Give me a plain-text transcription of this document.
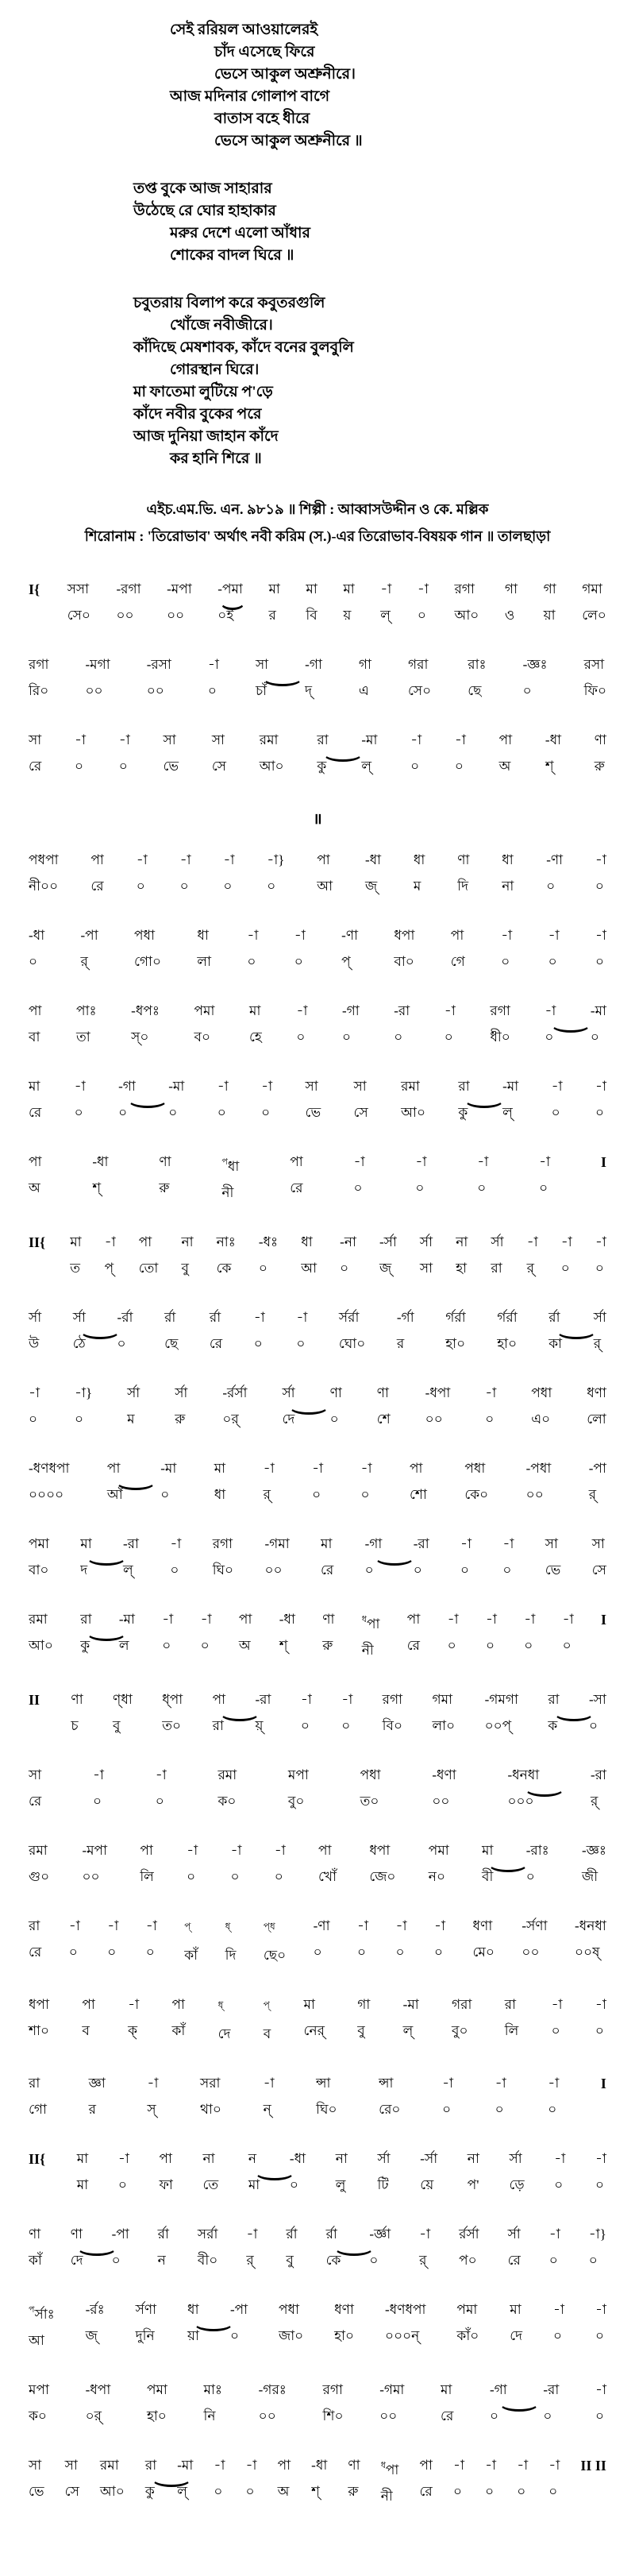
সেই ররিয়ল আওয়ালেরই
চাঁদ এসেছে ফিরে
ভেসে আকুল অশ্রুনীরে।
আজ মদিনার গোলাপ বাগে
বাতাস বহে ধীরে
ভেসে আকুল অশ্রুনীরে ॥
তপ্ত বুকে আজ সাহারার
উঠেছে রে ঘোর হাহাকার
মরুর দেশে এলো আঁধার
শোকের বাদল ঘিরে ॥
চবুতরায় বিলাপ করে কবুতরগুলি
খোঁজে নবীজীরে।
কাঁদিছে মেষশাবক, কাঁদে বনের বুলবুলি
গোরস্থান ঘিরে।
মা ফাতেমা লুটিয়ে প'ড়ে
কাঁদে নবীর বুকের পরে
আজ দুনিয়া জাহান কাঁদে
কর হানি শিরে ॥
এইচ.এম.ভি. এন. ৯৮১৯ ॥ শিল্পী : আব্বাসউদ্দীন ও কে. মল্লিক
শিরোনাম : 'তিরোভাব' অর্থাৎ নবী করিম (স.)-এর তিরোভাব-বিষয়ক গান ॥ তালছাড়া
I{ সসা
সে০
-রগা
০০
-মপা
০০
-পমা
০ই
মা
র
মা
বি
মা
য়
-া
ল্
-া
০
রগা
আ০
গা
ও
গা
য়া
গমা
লে০
রগা
রি০
-মগা
০০
-রসা
০০
-া
০
সা
চাঁ
-গা
দ্
গা
এ
গরা
সে০
রাঃ
ছে
-জ্ঞঃ
০
রসা
ফি০
সা
রে
-া
০
-া
০
সা
ভে
সা
সে
রমা
আ০
রা
কু
-মা
ল্
-া
০
-া
০
পা
অ
-ধা
শ্
ণা
রু
॥
পধপা
নী০০
পা
রে
-া
০
-া
০
-া
০
-া}
০
পা
আ
-ধা
জ্
ধা
ম
ণা
দি
ধা
না
-ণা
০
-া
০
-ধা
০
-পা
র্
পধা
গো০
ধা
লা
-া
০
-া
০
-ণা
প্
ধপা
বা০
পা
গে
-া
০
-া
০
-া
০
পা
বা
পাঃ
তা
-ধপঃ
স্০
পমা
ব০
মা
হে
-া
০
-গা
০
-রা
০
-া
০
রগা
ধী০
-া
০
-মা
০
মা
রে
-া
০
-গা
০
-মা
০
-া
০
-া
০
সা
ভে
সা
সে
রমা
আ০
রা
কু
-মা
ল্
-া
০
-া
০
পা
অ
-ধা
শ্
ণা
রু
$^প$ধা
নী
পা
রে
-া
০
-া
০
-া
০
-া
০
I
II{ মা
ত
-া
প্
পা
তো
না
বু
নাঃ
কে
-ধঃ
০
ধা
আ
-না
০
-র্সা
জ্
র্সা
সা
না
হা
র্সা
রা
-া
র্
-া
০
-া
০
র্সা
উ
র্সা
ঠে
-র্রা
০
র্রা
ছে
র্রা
রে
-া
০
-া
০
র্সর্রা
ঘো০
-র্গা
র
র্গর্রা
হা০
র্গর্রা
হা০
র্রা
কা
র্সা
র্
-া
০
-া}
০
র্সা
ম
র্সা
রু
-র্রর্সা
০র্
র্সা
দে
ণা
০
ণা
শে
-ধপা
০০
-া
০
পধা
এ০
ধণা
লো
-ধণধপা
০০০০
পা
আঁ
-মা
০
মা
ধা
-া
র্
-া
০
-া
০
পা
শো
পধা
কে০
-পধা
০০
-পা
র্
পমা
বা০
মা
দ
-রা
ল্
-া
০
রগা
ঘি০
-গমা
০০
মা
রে
-গা
০
-রা
০
-া
০
-া
০
সা
ভে
সা
সে
রমা
আ০
রা
কু
-মা
ল
-া
০
-া
০
পা
অ
-ধা
শ্
ণা
রু
$^ধ$পা
নী
পা
রে
-া
০
-া
০
-া
০
-া
০
I
II ণা
চ
ণ্ধা
বু
ধ্পা
ত০
পা
রা
-রা
য়্
-া
০
-া
০
রগা
বি০
গমা
লা০
-গমগা
০০প্
রা
ক
-সা
০
সা
রে
-া
০
-া
০
রমা
ক০
মপা
বু০
পধা
ত০
-ধণা
০০
-ধনধা
০০০
-রা
র্
রমা
গু০
-মপা
০০
পা
লি
-া
০
-া
০
-া
০
পা
খোঁ
ধপা
জে০
পমা
ন০
মা
বী
-রাঃ
০
-জ্ঞঃ
জী
রা
রে
-া
০
-া
০
-া
০
$^{প্}$
কাঁ
$^{ধ্}$
দি
$^{প্ধ}$
ছে০
-ণা
০
-া
০
-া
০
-া
০
ধণা
মে০
-র্সণা
০০
-ধনধা
০০ষ্
ধপা
শা০
পা
ব
-া
ক্
পা
কাঁ
$^{ধ্}$
দে
$^{প্}$
ব
মা
নের্
গা
বু
-মা
ল্
গরা
বু০
রা
লি
-া
০
-া
০
রা
গো
জ্ঞা
র
-া
স্
সরা
থা০
-া
ন্
ন্সা
ঘি০
ন্সা
রে০
-া
০
-া
০
-া
০
I
II{ মা
মা
-া
০
পা
ফা
না
তে
ন
মা
-ধা
০
না
লু
র্সা
টি
-র্সা
য়ে
না
প'
র্সা
ড়ে
-া
০
-া
০
ণা
কাঁ
ণা
দে
-পা
০
র্রা
ন
সর্রা
বী০
-া
র্
র্রা
বু
র্রা
কে
-র্জ্ঞা
০
-া
র্
র্রর্সা
প০
র্সা
রে
-া
০
-া}
০
$^প$র্সাঃ
আ
-র্রঃ
জ্
র্সণা
দুনি
ধা
য়া
-পা
০
পধা
জা০
ধণা
হা০
-ধণধপা
০০০ন্
পমা
কাঁ০
মা
দে
-া
০
-া
০
মপা
ক০
-ধপা
০র্
পমা
হা০
মাঃ
নি
-গরঃ
০০
রগা
শি০
-গমা
০০
মা
রে
-গা
০
-রা
০
-া
০
সা
ভে
সা
সে
রমা
আ০
রা
কু
-মা
ল্
-া
০
-া
০
পা
অ
-ধা
শ্
ণা
রু
$^ধ$পা
নী
পা
রে
-া
০
-া
০
-া
০
-া
০
II II
